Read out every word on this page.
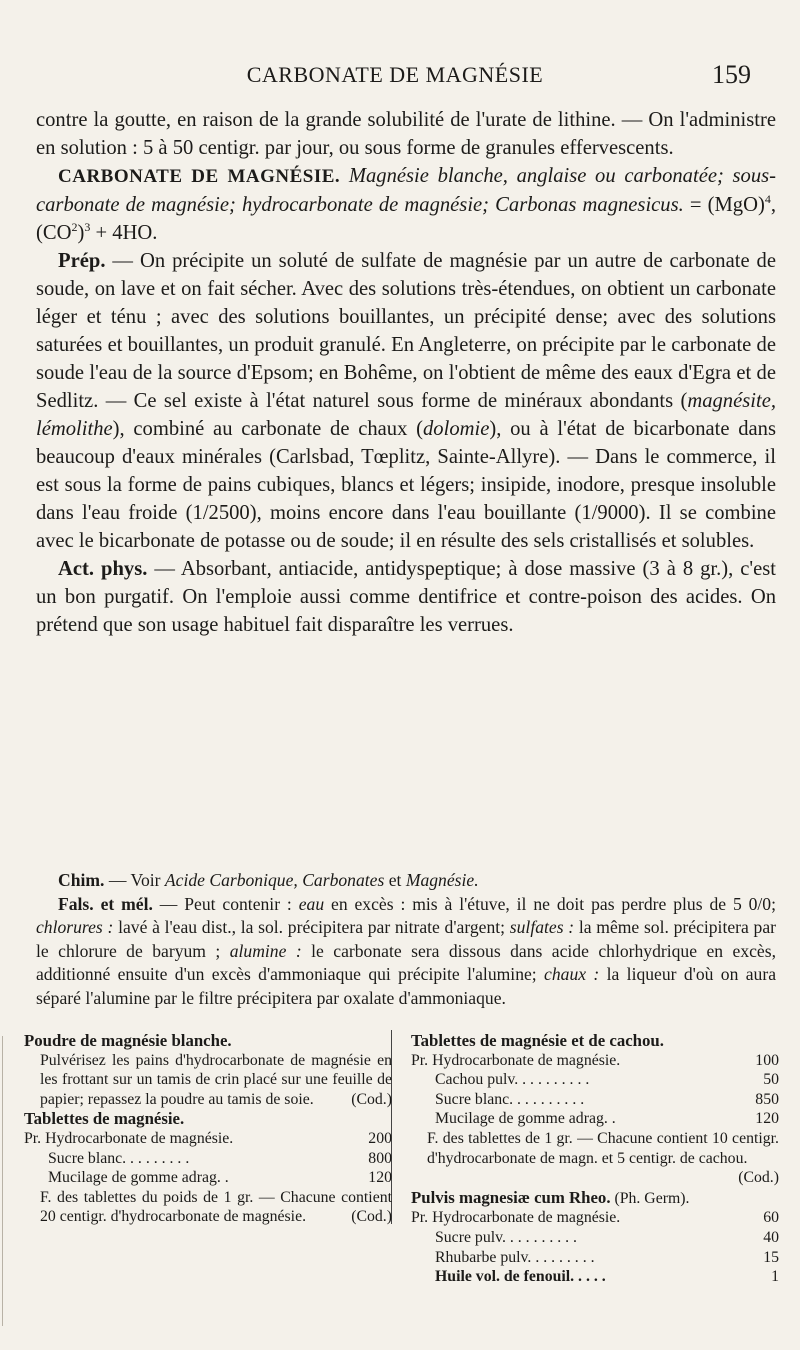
CARBONATE DE MAGNÉSIE	159

contre la goutte, en raison de la grande solubilité de l'urate de lithine. — On l'administre en solution : 5 à 50 centigr. par jour, ou sous forme de granules effervescents.

CARBONATE DE MAGNÉSIE. Magnésie blanche, anglaise ou carbonatée; sous-carbonate de magnésie; hydrocarbonate de magnésie; Carbonas magnesicus. = (MgO)$^4$, $(CO^2)^3 + 4HO$.

Prép. — On précipite un soluté de sulfate de magnésie par un autre de carbonate de soude, on lave et on fait sécher. Avec des solutions très-étendues, on obtient un carbonate léger et ténu ; avec des solutions bouillantes, un précipité dense; avec des solutions saturées et bouillantes, un produit granulé. En Angleterre, on précipite par le carbonate de soude l'eau de la source d'Epsom; en Bohême, on l'obtient de même des eaux d'Egra et de Sedlitz. — Ce sel existe à l'état naturel sous forme de minéraux abondants (magnésite, lémolithe), combiné au carbonate de chaux (dolomie), ou à l'état de bicarbonate dans beaucoup d'eaux minérales (Carlsbad, Tœplitz, Sainte-Allyre). — Dans le commerce, il est sous la forme de pains cubiques, blancs et légers; insipide, inodore, presque insoluble dans l'eau froide (1/2500), moins encore dans l'eau bouillante (1/9000). Il se combine avec le bicarbonate de potasse ou de soude; il en résulte des sels cristallisés et solubles.

Act. phys. — Absorbant, antiacide, antidyspeptique; à dose massive (3 à 8 gr.), c'est un bon purgatif. On l'emploie aussi comme dentifrice et contre-poison des acides. On prétend que son usage habituel fait disparaître les verrues.

Chim. — Voir Acide Carbonique, Carbonates et Magnésie.

Fals. et mél. — Peut contenir : eau en excès : mis à l'étuve, il ne doit pas perdre plus de 5 0/0; chlorures : lavé à l'eau dist., la sol. précipitera par nitrate d'argent; sulfates : la même sol. précipitera par le chlorure de baryum ; alumine : le carbonate sera dissous dans acide chlorhydrique en excès, additionné ensuite d'un excès d'ammoniaque qui précipite l'alumine; chaux : la liqueur d'où on aura séparé l'alumine par le filtre précipitera par oxalate d'ammoniaque.

Poudre de magnésie blanche.
Pulvérisez les pains d'hydrocarbonate de magnésie en les frottant sur un tamis de crin placé sur une feuille de papier; repassez la poudre au tamis de soie. (Cod.)
Tablettes de magnésie.
Pr. Hydrocarbonate de magnésie.	200
Sucre blanc. . . . . . . . .	800
Mucilage de gomme adrag. .	120
F. des tablettes du poids de 1 gr. — Chacune contient 20 centigr. d'hydrocarbonate de magnésie.	(Cod.)
Tablettes de magnésie et de cachou.
Pr. Hydrocarbonate de magnésie.	100
Cachou pulv. . . . . . . . . .	50
Sucre blanc. . . . . . . . . .	850
Mucilage de gomme adrag. .	120
F. des tablettes de 1 gr. — Chacune contient 10 centigr. d'hydrocarbonate de magn. et 5 centigr. de cachou.
(Cod.)
Pulvis magnesiæ cum Rheo. (Ph. Germ).
Pr. Hydrocarbonate de magnésie.	60
Sucre pulv. . . . . . . . . .	40
Rhubarbe pulv. . . . . . . . .	15
Huile vol. de fenouil. . . . .	1
